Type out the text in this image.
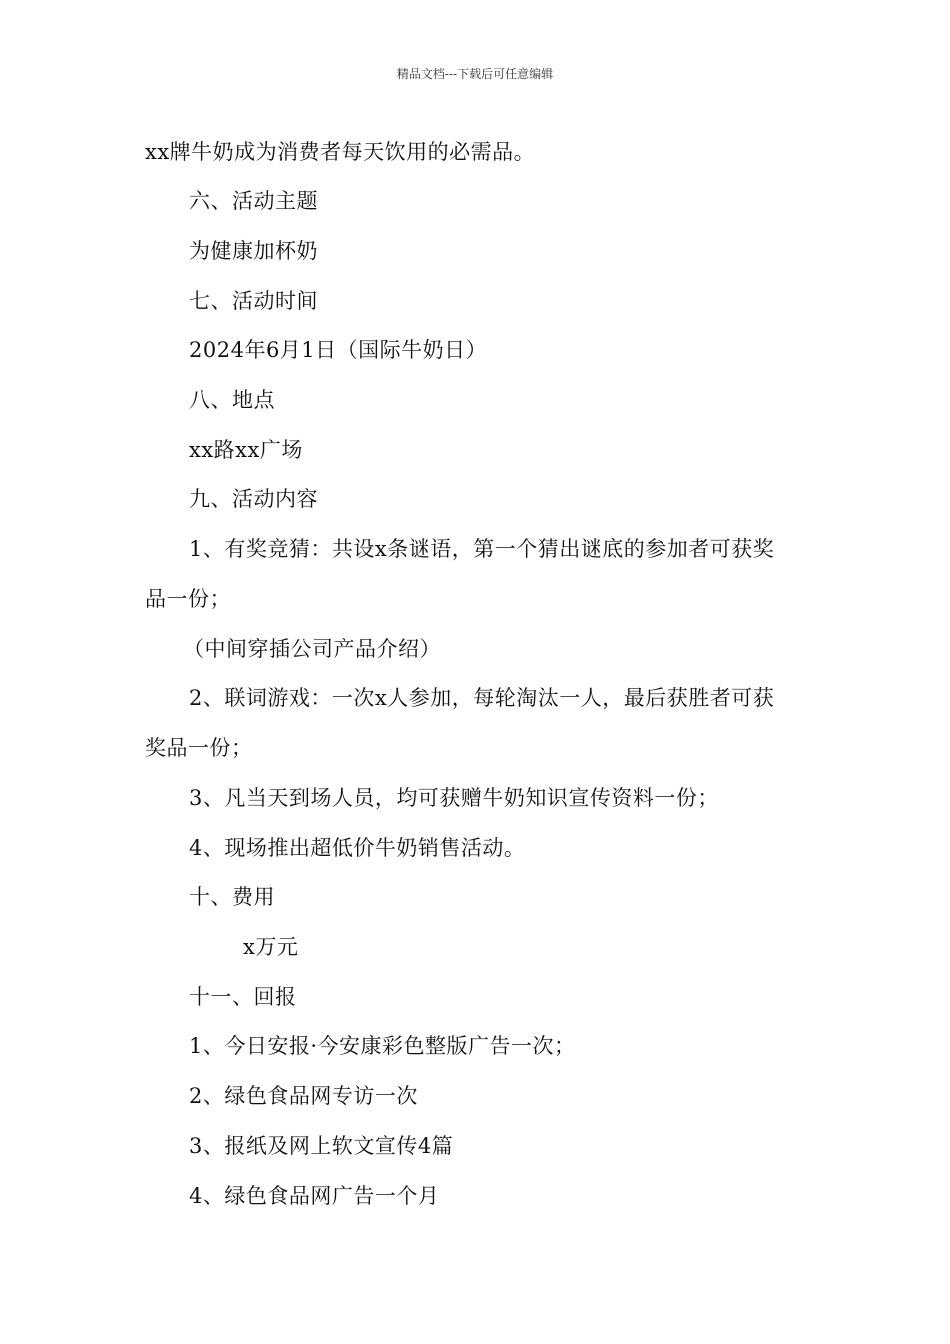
精品文档---下载后可任意编辑
xx牌牛奶成为消费者每天饮用的必需品。
六、活动主题
为健康加杯奶
七、活动时间
2024年6月1日（国际牛奶日）
八、地点
xx路xx广场
九、活动内容
1、有奖竞猜：共设x条谜语，第一个猜出谜底的参加者可获奖
品一份；
（中间穿插公司产品介绍）
2、联词游戏：一次x人参加，每轮淘汰一人，最后获胜者可获
奖品一份；
3、凡当天到场人员，均可获赠牛奶知识宣传资料一份；
4、现场推出超低价牛奶销售活动。
十、费用
x万元
十一、回报
1、今日安报·今安康彩色整版广告一次；
2、绿色食品网专访一次
3、报纸及网上软文宣传4篇
4、绿色食品网广告一个月
